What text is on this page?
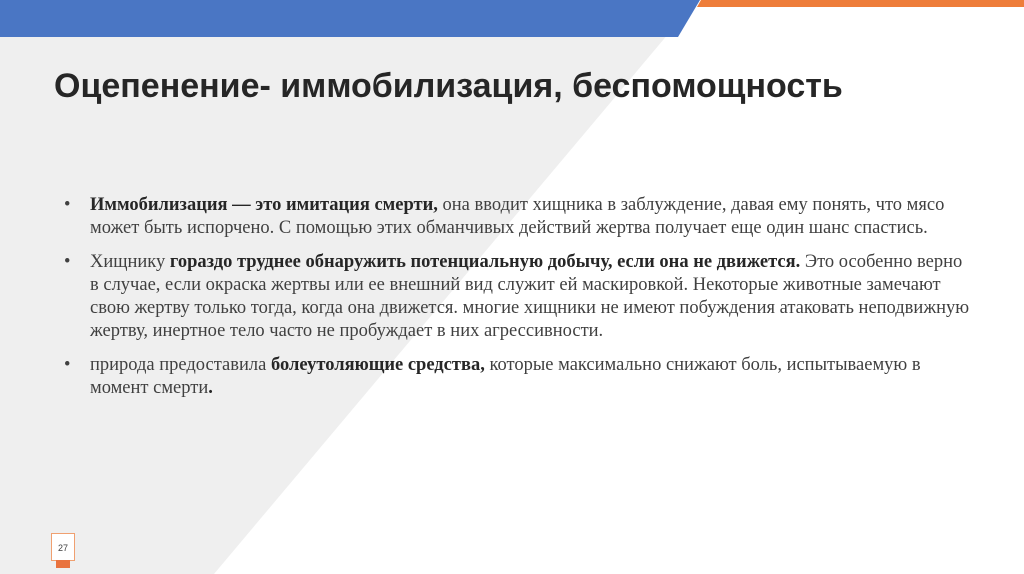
Оцепенение- иммобилизация, беспомощность
• Иммобилизация — это имитация смерти, она вводит хищника в заблуждение, давая ему понять, что мясо может быть испорчено. С помощью этих обманчивых действий жертва получает еще один шанс спастись.
• Хищнику гораздо труднее обнаружить потенциальную добычу, если она не движется. Это особенно верно в случае, если окраска жертвы или ее внешний вид служит ей маскировкой. Некоторые животные замечают свою жертву только тогда, когда она движется. многие хищники не имеют побуждения атаковать неподвижную жертву, инертное тело часто не пробуждает в них агрессивности.
• природа предоставила болеутоляющие средства, которые максимально снижают боль, испытываемую в момент смерти.
27
